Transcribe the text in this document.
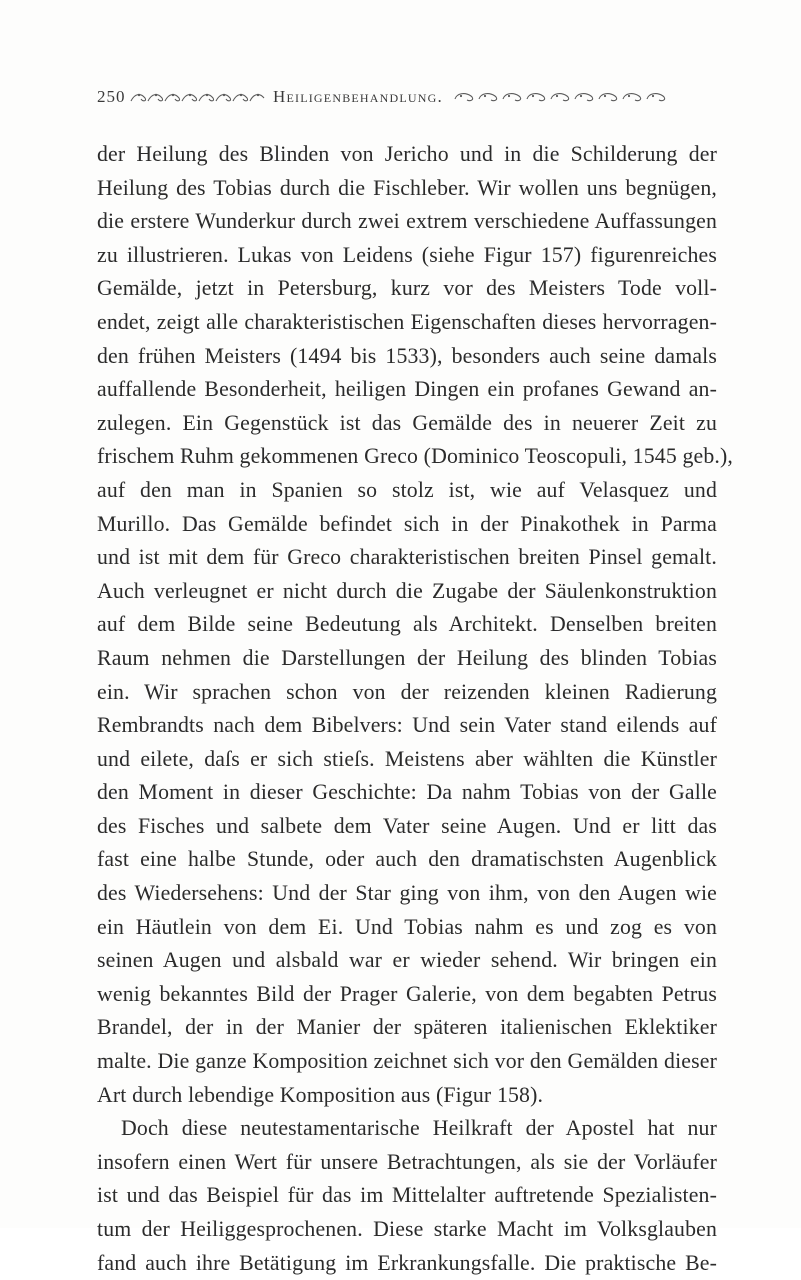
250	Heiligenbehandlung.
der Heilung des Blinden von Jericho und in die Schilderung der
Heilung des Tobias durch die Fischleber. Wir wollen uns begnügen,
die erstere Wunderkur durch zwei extrem verschiedene Auffassungen
zu illustrieren. Lukas von Leidens (siehe Figur 157) figurenreiches
Gemälde, jetzt in Petersburg, kurz vor des Meisters Tode voll-
endet, zeigt alle charakteristischen Eigenschaften dieses hervorragen-
den frühen Meisters (1494 bis 1533), besonders auch seine damals
auffallende Besonderheit, heiligen Dingen ein profanes Gewand an-
zulegen. Ein Gegenstück ist das Gemälde des in neuerer Zeit zu
frischem Ruhm gekommenen Greco (Dominico Teoscopuli, 1545 geb.),
auf den man in Spanien so stolz ist, wie auf Velasquez und
Murillo. Das Gemälde befindet sich in der Pinakothek in Parma
und ist mit dem für Greco charakteristischen breiten Pinsel gemalt.
Auch verleugnet er nicht durch die Zugabe der Säulenkonstruktion
auf dem Bilde seine Bedeutung als Architekt. Denselben breiten
Raum nehmen die Darstellungen der Heilung des blinden Tobias
ein. Wir sprachen schon von der reizenden kleinen Radierung
Rembrandts nach dem Bibelvers: Und sein Vater stand eilends auf
und eilete, daſs er sich stieſs. Meistens aber wählten die Künstler
den Moment in dieser Geschichte: Da nahm Tobias von der Galle
des Fisches und salbete dem Vater seine Augen. Und er litt das
fast eine halbe Stunde, oder auch den dramatischsten Augenblick
des Wiedersehens: Und der Star ging von ihm, von den Augen wie
ein Häutlein von dem Ei. Und Tobias nahm es und zog es von
seinen Augen und alsbald war er wieder sehend. Wir bringen ein
wenig bekanntes Bild der Prager Galerie, von dem begabten Petrus
Brandel, der in der Manier der späteren italienischen Eklektiker
malte. Die ganze Komposition zeichnet sich vor den Gemälden dieser
Art durch lebendige Komposition aus (Figur 158).
Doch diese neutestamentarische Heilkraft der Apostel hat nur
insofern einen Wert für unsere Betrachtungen, als sie der Vorläufer
ist und das Beispiel für das im Mittelalter auftretende Spezialisten-
tum der Heiliggesprochenen. Diese starke Macht im Volksglauben
fand auch ihre Betätigung im Erkrankungsfalle. Die praktische Be-
